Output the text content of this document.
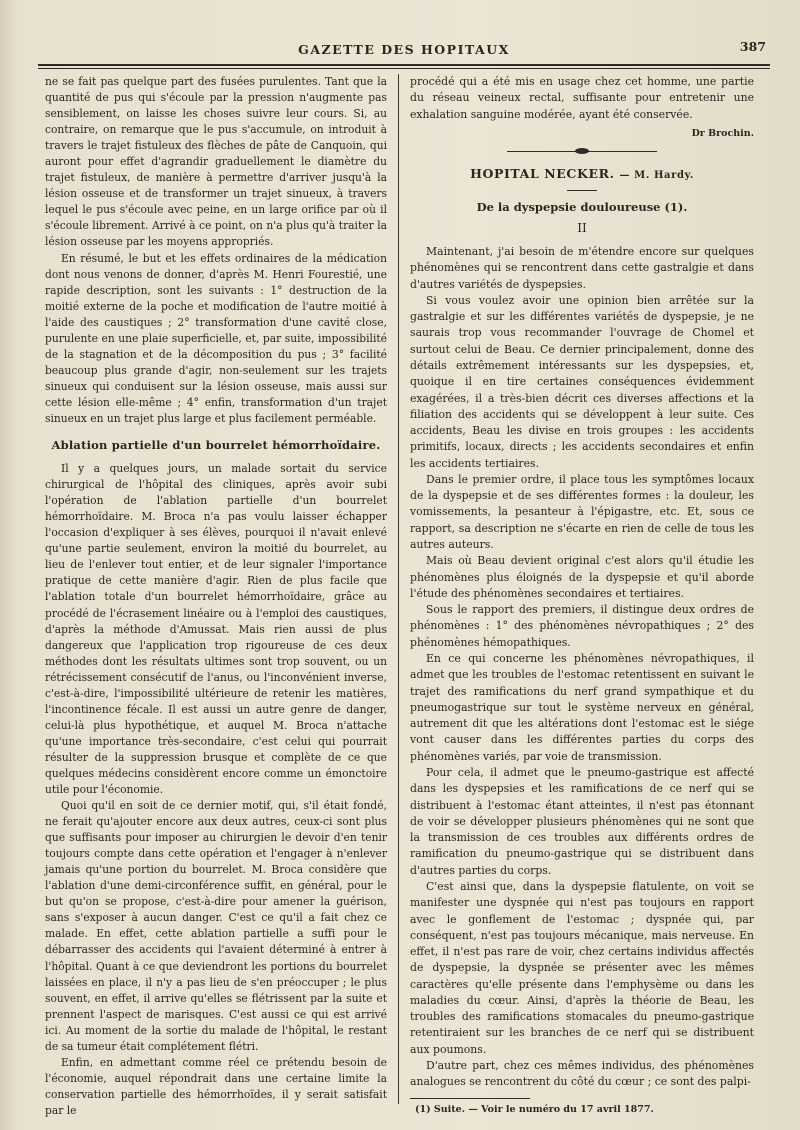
GAZETTE DES HOPITAUX	387

ne se fait pas quelque part des fusées purulentes. Tant que la quantité de pus qui s'écoule par la pression n'augmente pas sensiblement, on laisse les choses suivre leur cours. Si, au contraire, on remarque que le pus s'accumule, on introduit à travers le trajet fistuleux des flèches de pâte de Canquoin, qui auront pour effet d'agrandir graduellement le diamètre du trajet fistuleux, de manière à permettre d'arriver jusqu'à la lésion osseuse et de transformer un trajet sinueux, à travers lequel le pus s'écoule avec peine, en un large orifice par où il s'écoule librement. Arrivé à ce point, on n'a plus qu'à traiter la lésion osseuse par les moyens appropriés.

En résumé, le but et les effets ordinaires de la médication dont nous venons de donner, d'après M. Henri Fourestié, une rapide description, sont les suivants : 1° destruction de la moitié externe de la poche et modification de l'autre moitié à l'aide des caustiques ; 2° transformation d'une cavité close, purulente en une plaie superficielle, et, par suite, impossibilité de la stagnation et de la décomposition du pus ; 3° facilité beaucoup plus grande d'agir, non-seulement sur les trajets sinueux qui conduisent sur la lésion osseuse, mais aussi sur cette lésion elle-même ; 4° enfin, transformation d'un trajet sinueux en un trajet plus large et plus facilement perméable.

Ablation partielle d'un bourrelet hémorrhoïdaire.

Il y a quelques jours, un malade sortait du service chirurgical de l'hôpital des cliniques, après avoir subi l'opération de l'ablation partielle d'un bourrelet hémorrhoïdaire. M. Broca n'a pas voulu laisser échapper l'occasion d'expliquer à ses élèves, pourquoi il n'avait enlevé qu'une partie seulement, environ la moitié du bourrelet, au lieu de l'enlever tout entier, et de leur signaler l'importance pratique de cette manière d'agir. Rien de plus facile que l'ablation totale d'un bourrelet hémorrhoïdaire, grâce au procédé de l'écrasement linéaire ou à l'emploi des caustiques, d'après la méthode d'Amussat. Mais rien aussi de plus dangereux que l'application trop rigoureuse de ces deux méthodes dont les résultats ultimes sont trop souvent, ou un rétrécissement consécutif de l'anus, ou l'inconvénient inverse, c'est-à-dire, l'impossibilité ultérieure de retenir les matières, l'incontinence fécale. Il est aussi un autre genre de danger, celui-là plus hypothétique, et auquel M. Broca n'attache qu'une importance très-secondaire, c'est celui qui pourrait résulter de la suppression brusque et complète de ce que quelques médecins considèrent encore comme un émonctoire utile pour l'économie.

Quoi qu'il en soit de ce dernier motif, qui, s'il était fondé, ne ferait qu'ajouter encore aux deux autres, ceux-ci sont plus que suffisants pour imposer au chirurgien le devoir d'en tenir toujours compte dans cette opération et l'engager à n'enlever jamais qu'une portion du bourrelet. M. Broca considère que l'ablation d'une demi-circonférence suffit, en général, pour le but qu'on se propose, c'est-à-dire pour amener la guérison, sans s'exposer à aucun danger. C'est ce qu'il a fait chez ce malade. En effet, cette ablation partielle a suffi pour le débarrasser des accidents qui l'avaient déterminé à entrer à l'hôpital. Quant à ce que deviendront les portions du bourrelet laissées en place, il n'y a pas lieu de s'en préoccuper ; le plus souvent, en effet, il arrive qu'elles se flétrissent par la suite et prennent l'aspect de marisques. C'est aussi ce qui est arrivé ici. Au moment de la sortie du malade de l'hôpital, le restant de sa tumeur était complétement flétri.

Enfin, en admettant comme réel ce prétendu besoin de l'économie, auquel répondrait dans une certaine limite la conservation partielle des hémorrhoïdes, il y serait satisfait par le

procédé qui a été mis en usage chez cet homme, une partie du réseau veineux rectal, suffisante pour entretenir une exhalation sanguine modérée, ayant été conservée.

Dr Brochin.
HOPITAL NECKER. — M. Hardy.
De la dyspepsie douloureuse (1).
II

Maintenant, j'ai besoin de m'étendre encore sur quelques phénomènes qui se rencontrent dans cette gastralgie et dans d'autres variétés de dyspepsies.

Si vous voulez avoir une opinion bien arrêtée sur la gastralgie et sur les différentes variétés de dyspepsie, je ne saurais trop vous recommander l'ouvrage de Chomel et surtout celui de Beau. Ce dernier principalement, donne des détails extrêmement intéressants sur les dyspepsies, et, quoique il en tire certaines conséquences évidemment exagérées, il a très-bien décrit ces diverses affections et la filiation des accidents qui se développent à leur suite. Ces accidents, Beau les divise en trois groupes : les accidents primitifs, locaux, directs ; les accidents secondaires et enfin les accidents tertiaires.

Dans le premier ordre, il place tous les symptômes locaux de la dyspepsie et de ses différentes formes : la douleur, les vomissements, la pesanteur à l'épigastre, etc. Et, sous ce rapport, sa description ne s'écarte en rien de celle de tous les autres auteurs.

Mais où Beau devient original c'est alors qu'il étudie les phénomènes plus éloignés de la dyspepsie et qu'il aborde l'étude des phénomènes secondaires et tertiaires.

Sous le rapport des premiers, il distingue deux ordres de phénomènes : 1° des phénomènes névropathiques ; 2° des phénomènes hémopathiques.

En ce qui concerne les phénomènes névropathiques, il admet que les troubles de l'estomac retentissent en suivant le trajet des ramifications du nerf grand sympathique et du pneumogastrique sur tout le système nerveux en général, autrement dit que les altérations dont l'estomac est le siége vont causer dans les différentes parties du corps des phénomènes variés, par voie de transmission.

Pour cela, il admet que le pneumo-gastrique est affecté dans les dyspepsies et les ramifications de ce nerf qui se distribuent à l'estomac étant atteintes, il n'est pas étonnant de voir se développer plusieurs phénomènes qui ne sont que la transmission de ces troubles aux différents ordres de ramification du pneumo-gastrique qui se distribuent dans d'autres parties du corps.

C'est ainsi que, dans la dyspepsie flatulente, on voit se manifester une dyspnée qui n'est pas toujours en rapport avec le gonflement de l'estomac ; dyspnée qui, par conséquent, n'est pas toujours mécanique, mais nerveuse. En effet, il n'est pas rare de voir, chez certains individus affectés de dyspepsie, la dyspnée se présenter avec les mêmes caractères qu'elle présente dans l'emphysème ou dans les maladies du cœur. Ainsi, d'après la théorie de Beau, les troubles des ramifications stomacales du pneumo-gastrique retentiraient sur les branches de ce nerf qui se distribuent aux poumons.

D'autre part, chez ces mêmes individus, des phénomènes analogues se rencontrent du côté du cœur ; ce sont des palpi-

(1) Suite. — Voir le numéro du 17 avril 1877.
